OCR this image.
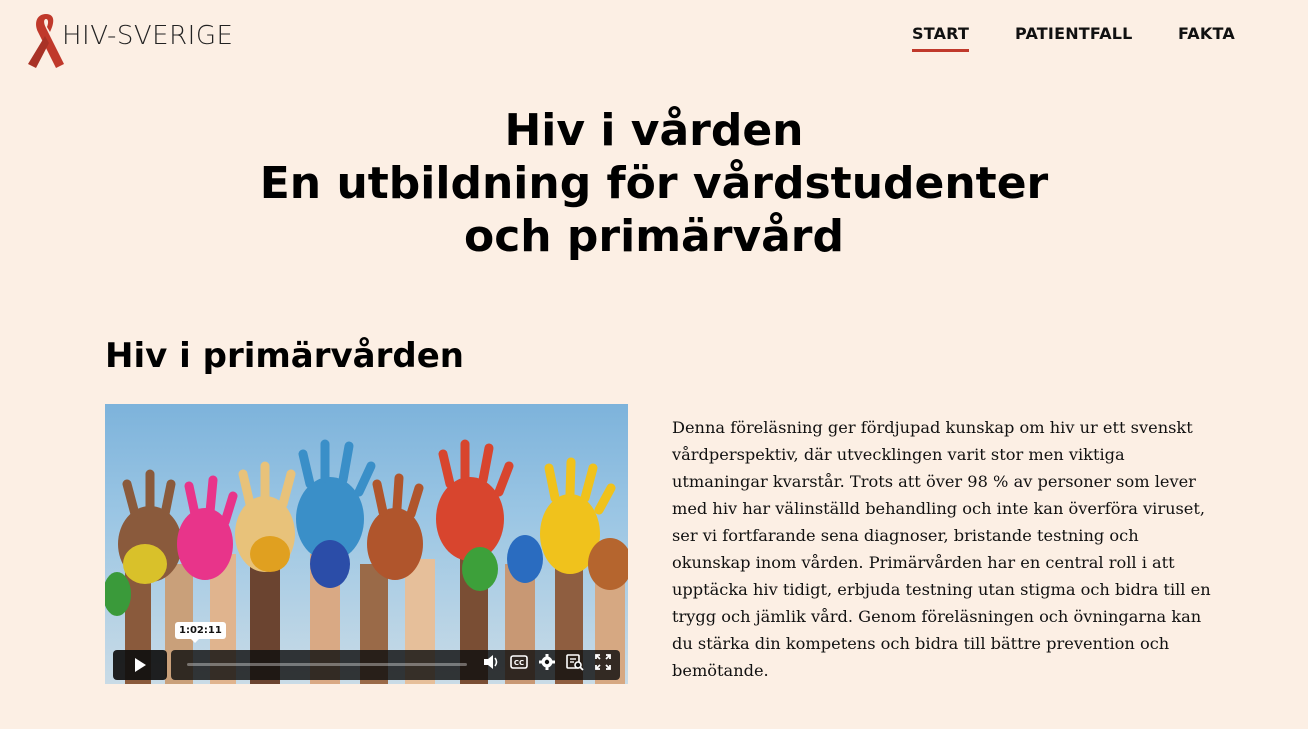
HIV-SVERIGE	START	PATIENTFALL	FAKTA
Hiv i vården
En utbildning för vårdstudenter
och primärvård
Hiv i primärvården
1:02:11
CC

Denna föreläsning ger fördjupad kunskap om hiv ur ett svenskt vårdperspektiv, där utvecklingen varit stor men viktiga utmaningar kvarstår. Trots att över 98 % av personer som lever med hiv har välinställd behandling och inte kan överföra viruset, ser vi fortfarande sena diagnoser, bristande testning och okunskap inom vården. Primärvården har en central roll i att upptäcka hiv tidigt, erbjuda testning utan stigma och bidra till en trygg och jämlik vård. Genom föreläsningen och övningarna kan du stärka din kompetens och bidra till bättre prevention och bemötande.
